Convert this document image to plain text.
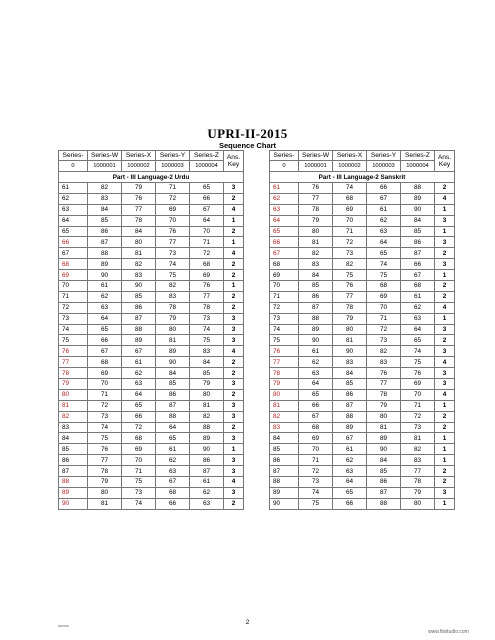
UPRI-II-2015
Sequence Chart
Series-	Series-W	Series-X	Series-Y	Series-Z	Ans.
Key
0	1000001	1000002	1000003	1000004	
Part - III Language-2 Urdu					
61	82	79	71	65	3
62	83	76	72	66	2
63	84	77	69	67	4
64	85	78	70	64	1
65	86	84	76	70	2
66	87	80	77	71	1
67	88	81	73	72	4
68	89	82	74	68	2
69	90	83	75	69	2
70	61	90	82	76	1
71	62	85	83	77	2
72	63	86	78	78	2
73	64	87	79	73	3
74	65	88	80	74	3
75	66	89	81	75	3
76	67	67	89	83	4
77	68	61	90	84	2
78	69	62	84	85	2
79	70	63	85	79	3
80	71	64	86	80	2
81	72	65	87	81	3
82	73	66	88	82	3
83	74	72	64	88	2
84	75	68	65	89	3
85	76	69	61	90	1
86	77	70	62	86	3
87	78	71	63	87	3
88	79	75	67	61	4
89	80	73	68	62	3
90	81	74	66	63	2
Series-	Series-W	Series-X	Series-Y	Series-Z	Ans.
Key
0	1000001	1000002	1000003	1000004	
Part - III Language-2 Sanskrit					
61	76	74	66	88	2
62	77	68	67	89	4
63	78	69	61	90	1
64	79	70	62	84	3
65	80	71	63	85	1
66	81	72	64	86	3
67	82	73	65	87	2
68	83	82	74	66	3
69	84	75	75	67	1
70	85	76	68	68	2
71	86	77	69	61	2
72	87	78	70	62	4
73	88	79	71	63	1
74	89	80	72	64	3
75	90	81	73	65	2
76	61	90	82	74	3
77	62	83	83	75	4
78	63	84	76	76	3
79	64	85	77	69	3
80	65	86	78	70	4
81	66	87	79	71	1
82	67	88	80	72	2
83	68	89	81	73	2
84	69	67	89	81	1
85	70	61	90	82	1
86	71	62	84	83	1
87	72	63	85	77	2
88	73	64	86	78	2
89	74	65	87	79	3
90	75	66	88	80	1
09/0310	2
www.fiisitudio.com
